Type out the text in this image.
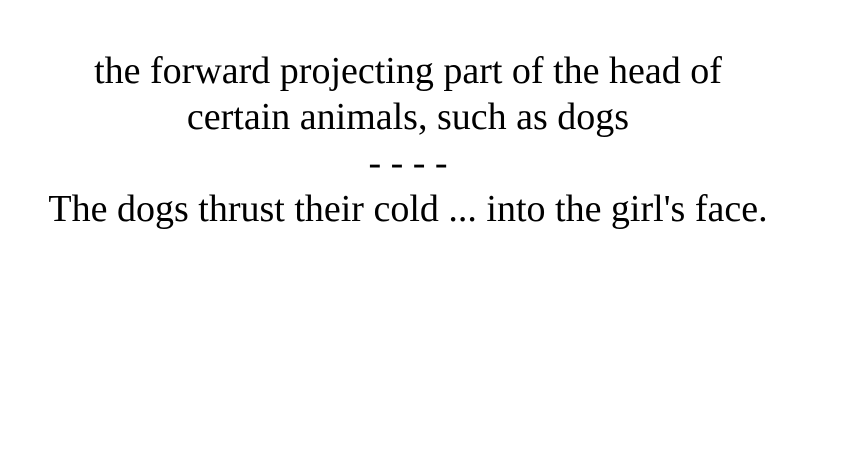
the forward projecting part of the head of
certain animals, such as dogs
- - - -
The dogs thrust their cold ... into the girl's face.
